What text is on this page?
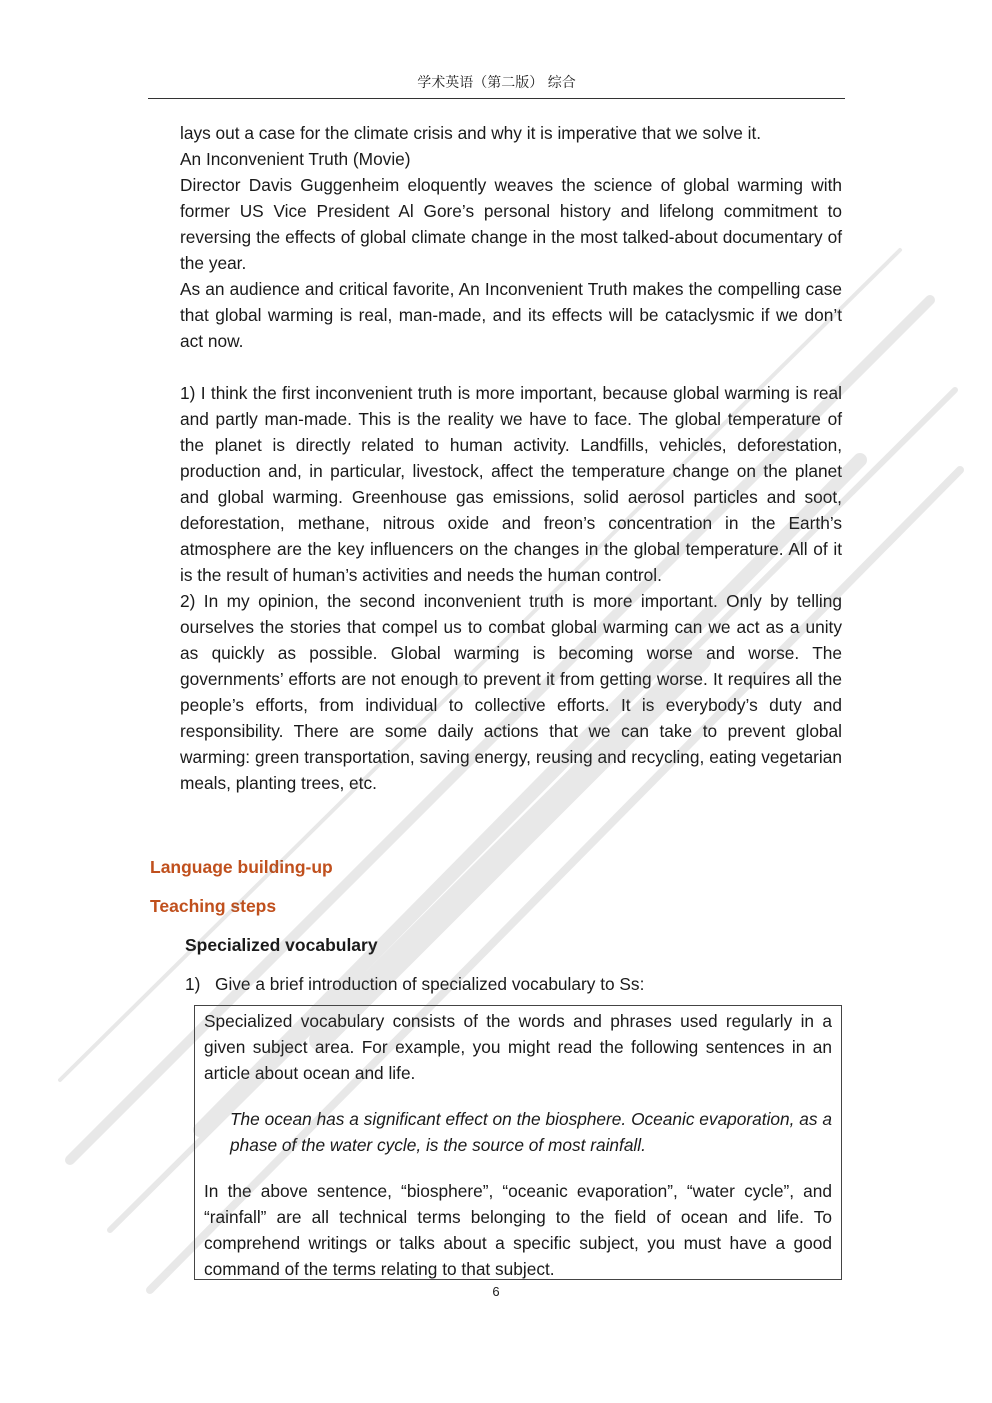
学术英语（第二版） 综合

lays out a case for the climate crisis and why it is imperative that we solve it.

An Inconvenient Truth (Movie)

Director Davis Guggenheim eloquently weaves the science of global warming with former US Vice President Al Gore’s personal history and lifelong commitment to reversing the effects of global climate change in the most talked-about documentary of the year.

As an audience and critical favorite, An Inconvenient Truth makes the compelling case that global warming is real, man-made, and its effects will be cataclysmic if we don’t act now.

1) I think the first inconvenient truth is more important, because global warming is real and partly man-made. This is the reality we have to face. The global temperature of the planet is directly related to human activity. Landfills, vehicles, deforestation, production and, in particular, livestock, affect the temperature change on the planet and global warming. Greenhouse gas emissions, solid aerosol particles and soot, deforestation, methane, nitrous oxide and freon’s concentration in the Earth’s atmosphere are the key influencers on the changes in the global temperature. All of it is the result of human’s activities and needs the human control.

2) In my opinion, the second inconvenient truth is more important. Only by telling ourselves the stories that compel us to combat global warming can we act as a unity as quickly as possible. Global warming is becoming worse and worse. The governments’ efforts are not enough to prevent it from getting worse. It requires all the people’s efforts, from individual to collective efforts. It is everybody’s duty and responsibility. There are some daily actions that we can take to prevent global warming: green transportation, saving energy, reusing and recycling, eating vegetarian meals, planting trees, etc.

Language building-up
Teaching steps
Specialized vocabulary
1) Give a brief introduction of specialized vocabulary to Ss:

Specialized vocabulary consists of the words and phrases used regularly in a given subject area. For example, you might read the following sentences in an article about ocean and life.

The ocean has a significant effect on the biosphere. Oceanic evaporation, as a phase of the water cycle, is the source of most rainfall.

In the above sentence, “biosphere”, “oceanic evaporation”, “water cycle”, and “rainfall” are all technical terms belonging to the field of ocean and life. To comprehend writings or talks about a specific subject, you must have a good command of the terms relating to that subject.

6
